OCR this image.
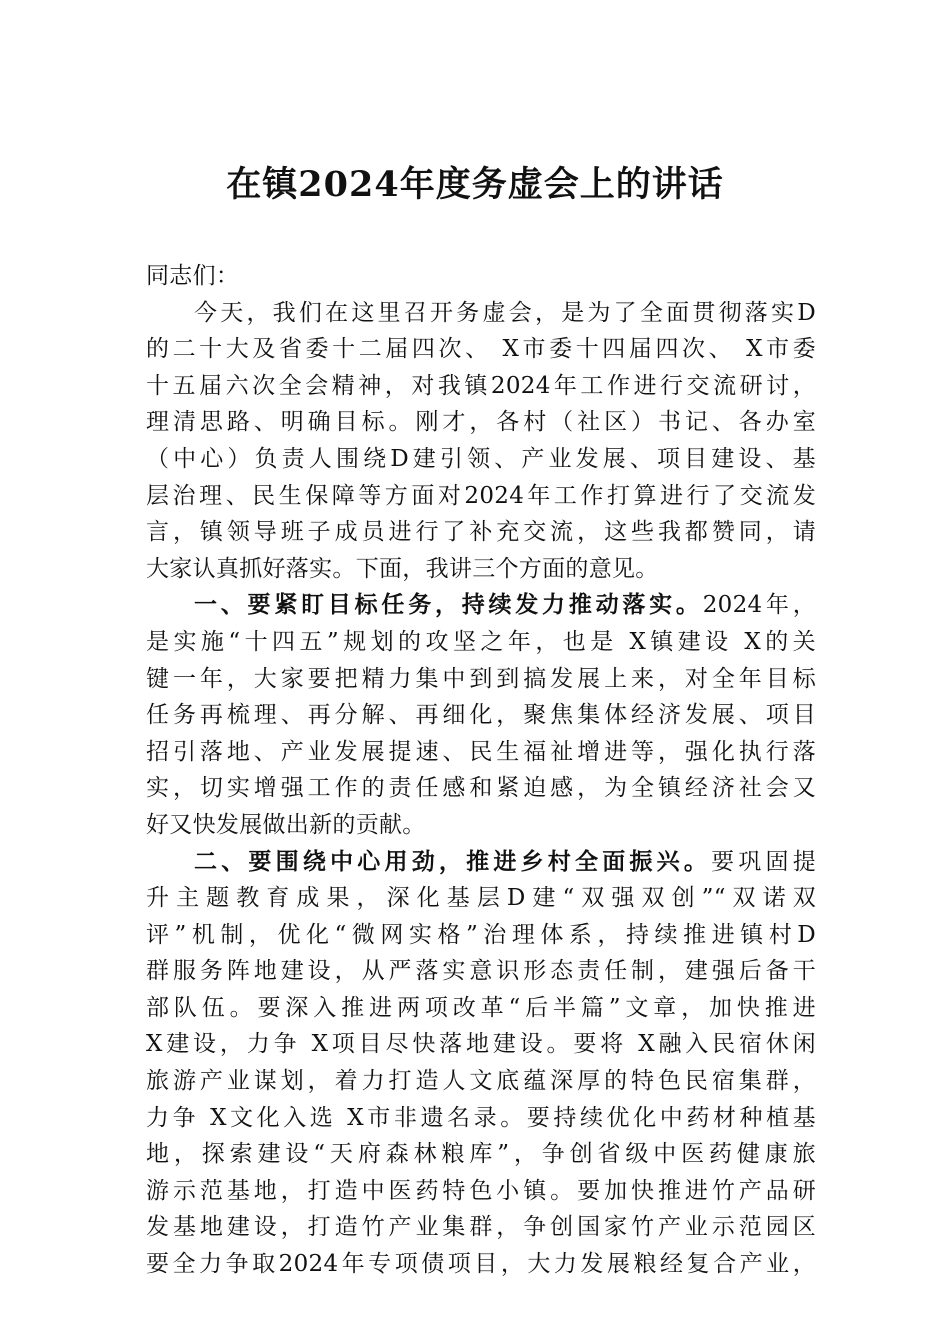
在镇2024年度务虚会上的讲话
同志们：
今天，我们在这里召开务虚会，是为了全面贯彻落实D
的二十大及省委十二届四次、 X市委十四届四次、 X市委
十五届六次全会精神，对我镇2024年工作进行交流研讨，
理清思路、明确目标。刚才，各村（社区）书记、各办室
（中心）负责人围绕D建引领、产业发展、项目建设、基
层治理、民生保障等方面对2024年工作打算进行了交流发
言，镇领导班子成员进行了补充交流，这些我都赞同，请
大家认真抓好落实。下面，我讲三个方面的意见。
一、要紧盯目标任务，持续发力推动落实。2024年，
是实施“十四五”规划的攻坚之年，也是 X镇建设 X的关
键一年，大家要把精力集中到到搞发展上来，对全年目标
任务再梳理、再分解、再细化，聚焦集体经济发展、项目
招引落地、产业发展提速、民生福祉增进等，强化执行落
实，切实增强工作的责任感和紧迫感，为全镇经济社会又
好又快发展做出新的贡献。
二、要围绕中心用劲，推进乡村全面振兴。要巩固提
升主题教育成果，深化基层D建“双强双创”“双诺双
评”机制，优化“微网实格”治理体系，持续推进镇村D
群服务阵地建设，从严落实意识形态责任制，建强后备干
部队伍。要深入推进两项改革“后半篇”文章，加快推进
X建设，力争 X项目尽快落地建设。要将 X融入民宿休闲
旅游产业谋划，着力打造人文底蕴深厚的特色民宿集群，
力争 X文化入选 X市非遗名录。要持续优化中药材种植基
地，探索建设“天府森林粮库”，争创省级中医药健康旅
游示范基地，打造中医药特色小镇。要加快推进竹产品研
发基地建设，打造竹产业集群，争创国家竹产业示范园区
要全力争取2024年专项债项目，大力发展粮经复合产业，
